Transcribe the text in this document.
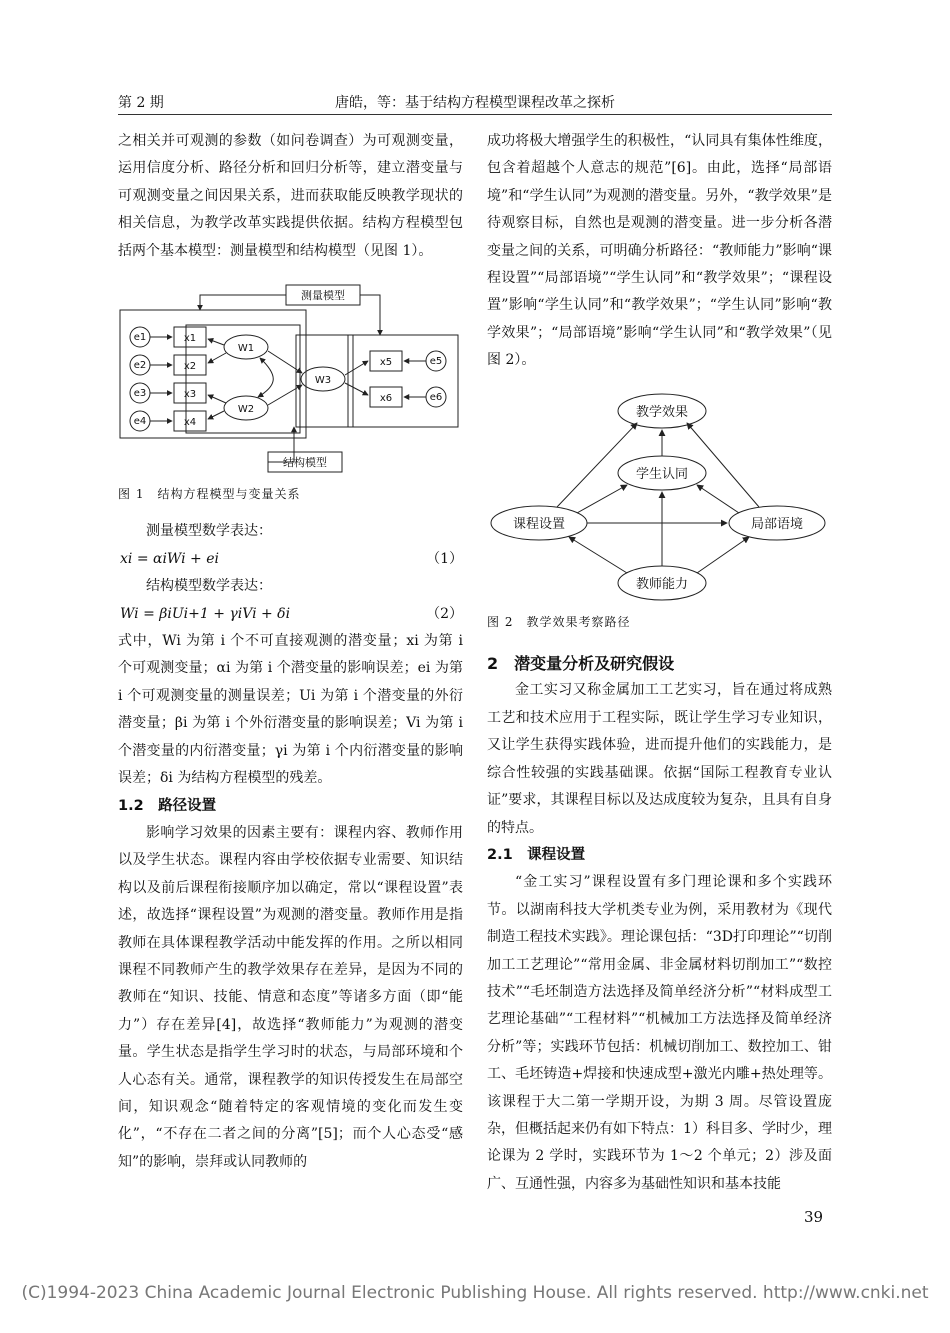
第 2 期	唐皓，等：基于结构方程模型课程改革之探析

之相关并可观测的参数（如问卷调查）为可观测变量，运用信度分析、路径分析和回归分析等，建立潜变量与可观测变量之间因果关系，进而获取能反映教学现状的相关信息，为教学改革实践提供依据。结构方程模型包括两个基本模型：测量模型和结构模型（见图 1）。

测量模型
结构模型
e1
e2
e3
e4
e5
e6
x1
x2
x3
x4
x5
x6
W1
W2
W3

图 1　结构方程模型与变量关系

测量模型数学表达：

xi = αiWi + ei	（1）

结构模型数学表达：

Wi = βiUi+1 + γiVi + δi	（2）

式中，Wi 为第 i 个不可直接观测的潜变量；xi 为第 i 个可观测变量；αi 为第 i 个潜变量的影响误差；ei 为第 i 个可观测变量的测量误差；Ui 为第 i 个潜变量的外衍潜变量；βi 为第 i 个外衍潜变量的影响误差；Vi 为第 i 个潜变量的内衍潜变量；γi 为第 i 个内衍潜变量的影响误差；δi 为结构方程模型的残差。

1.2　路径设置

影响学习效果的因素主要有：课程内容、教师作用以及学生状态。课程内容由学校依据专业需要、知识结构以及前后课程衔接顺序加以确定，常以“课程设置”表述，故选择“课程设置”为观测的潜变量。教师作用是指教师在具体课程教学活动中能发挥的作用。之所以相同课程不同教师产生的教学效果存在差异，是因为不同的教师在“知识、技能、情意和态度”等诸多方面（即“能力”）存在差异[4]，故选择“教师能力”为观测的潜变量。学生状态是指学生学习时的状态，与局部环境和个人心态有关。通常，课程教学的知识传授发生在局部空间，知识观念“随着特定的客观情境的变化而发生变化”，“不存在二者之间的分离”[5]；而个人心态受“感知”的影响，崇拜或认同教师的

成功将极大增强学生的积极性，“认同具有集体性维度，包含着超越个人意志的规范”[6]。由此，选择“局部语境”和“学生认同”为观测的潜变量。另外，“教学效果”是待观察目标，自然也是观测的潜变量。进一步分析各潜变量之间的关系，可明确分析路径：“教师能力”影响“课程设置”“局部语境”“学生认同”和“教学效果”；“课程设置”影响“学生认同”和“教学效果”；“学生认同”影响“教学效果”；“局部语境”影响“学生认同”和“教学效果”（见图 2）。

教学效果
学生认同
课程设置	局部语境
教师能力

图 2　教学效果考察路径

2　潜变量分析及研究假设

金工实习又称金属加工工艺实习，旨在通过将成熟工艺和技术应用于工程实际，既让学生学习专业知识，又让学生获得实践体验，进而提升他们的实践能力，是综合性较强的实践基础课。依据“国际工程教育专业认证”要求，其课程目标以及达成度较为复杂，且具有自身的特点。

2.1　课程设置

“金工实习”课程设置有多门理论课和多个实践环节。以湖南科技大学机类专业为例，采用教材为《现代制造工程技术实践》。理论课包括：“3D打印理论”“切削加工工艺理论”“常用金属、非金属材料切削加工”“数控技术”“毛坯制造方法选择及简单经济分析”“材料成型工艺理论基础”“工程材料”“机械加工方法选择及简单经济分析”等；实践环节包括：机械切削加工、数控加工、钳工、毛坯铸造+焊接和快速成型+激光内雕+热处理等。该课程于大二第一学期开设，为期 3 周。尽管设置庞杂，但概括起来仍有如下特点：1）科目多、学时少，理论课为 2 学时，实践环节为 1～2 个单元；2）涉及面广、互通性强，内容多为基础性知识和基本技能

39
(C)1994-2023 China Academic Journal Electronic Publishing House. All rights reserved. http://www.cnki.net
